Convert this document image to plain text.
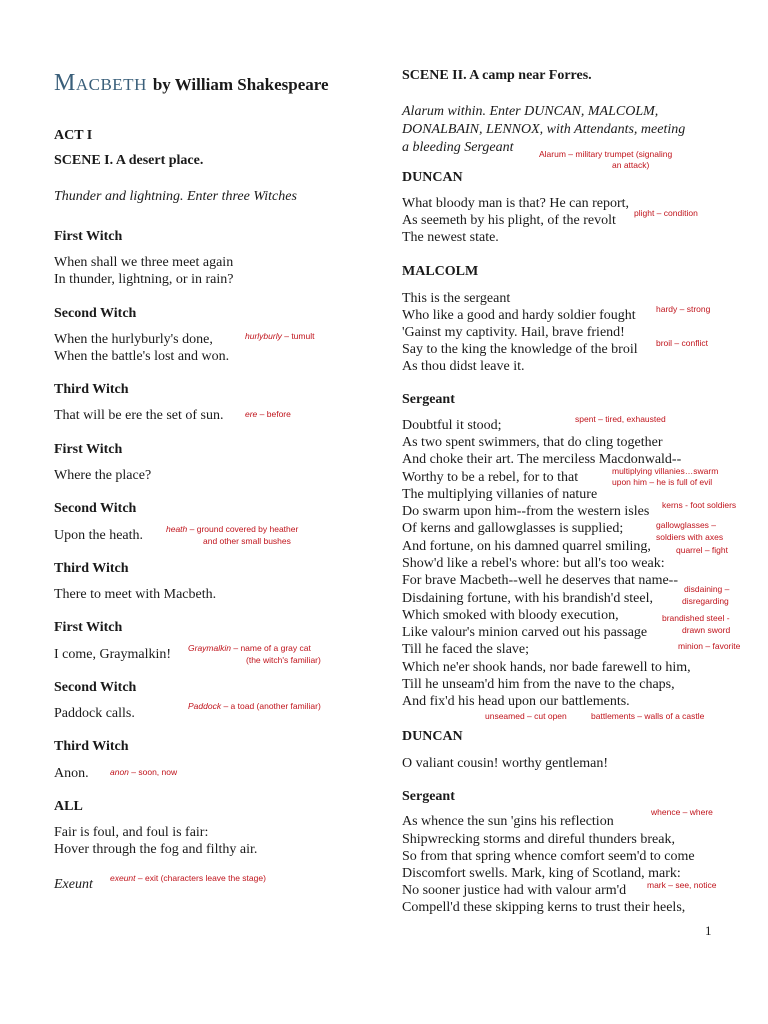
Macbeth by William Shakespeare
ACT I
SCENE I. A desert place.
Thunder and lightning. Enter three Witches
First Witch
When shall we three meet again
In thunder, lightning, or in rain?
Second Witch
When the hurlyburly's done,
When the battle's lost and won.
hurlyburly – tumult
Third Witch
That will be ere the set of sun.	ere – before
First Witch
Where the place?
Second Witch
Upon the heath.	heath – ground covered by heather
and other small bushes
Third Witch
There to meet with Macbeth.
First Witch
I come, Graymalkin! Graymalkin – name of a gray cat
(the witch's familiar)
Second Witch
Paddock calls.	Paddock – a toad (another familiar)
Third Witch
Anon.	anon – soon, now
ALL
Fair is foul, and foul is fair:
Hover through the fog and filthy air.
Exeunt exeunt – exit (characters leave the stage)
SCENE II. A camp near Forres.
Alarum within. Enter DUNCAN, MALCOLM,
DONALBAIN, LENNOX, with Attendants, meeting
a bleeding Sergeant	Alarum – military trumpet (signaling
an attack)
DUNCAN
What bloody man is that? He can report,
As seemeth by his plight, of the revolt
The newest state.
plight – condition
MALCOLM
This is the sergeant
Who like a good and hardy soldier fought
'Gainst my captivity. Hail, brave friend!
Say to the king the knowledge of the broil
As thou didst leave it.
hardy – strong
broil – conflict
Sergeant
spent – tired, exhausted
Doubtful it stood;
As two spent swimmers, that do cling together
And choke their art. The merciless Macdonwald--
Worthy to be a rebel, for to that
The multiplying villanies of nature
Do swarm upon him--from the western isles
Of kerns and gallowglasses is supplied;
And fortune, on his damned quarrel smiling,
Show'd like a rebel's whore: but all's too weak:
For brave Macbeth--well he deserves that name--
Disdaining fortune, with his brandish'd steel,
Which smoked with bloody execution,
Like valour's minion carved out his passage
Till he faced the slave;
Which ne'er shook hands, nor bade farewell to him,
Till he unseam'd him from the nave to the chaps,
And fix'd his head upon our battlements.
multiplying villanies…swarm
upon him – he is full of evil
kerns - foot soldiers
gallowglasses –
soldiers with axes
quarrel – fight
disdaining –
disregarding
brandished steel -
drawn sword
minion – favorite
unseamed – cut open	battlements – walls of a castle
DUNCAN
O valiant cousin! worthy gentleman!
Sergeant
whence – where
As whence the sun 'gins his reflection
Shipwrecking storms and direful thunders break,
So from that spring whence comfort seem'd to come
Discomfort swells. Mark, king of Scotland, mark:
No sooner justice had with valour arm'd
Compell'd these skipping kerns to trust their heels,
mark – see, notice
1
